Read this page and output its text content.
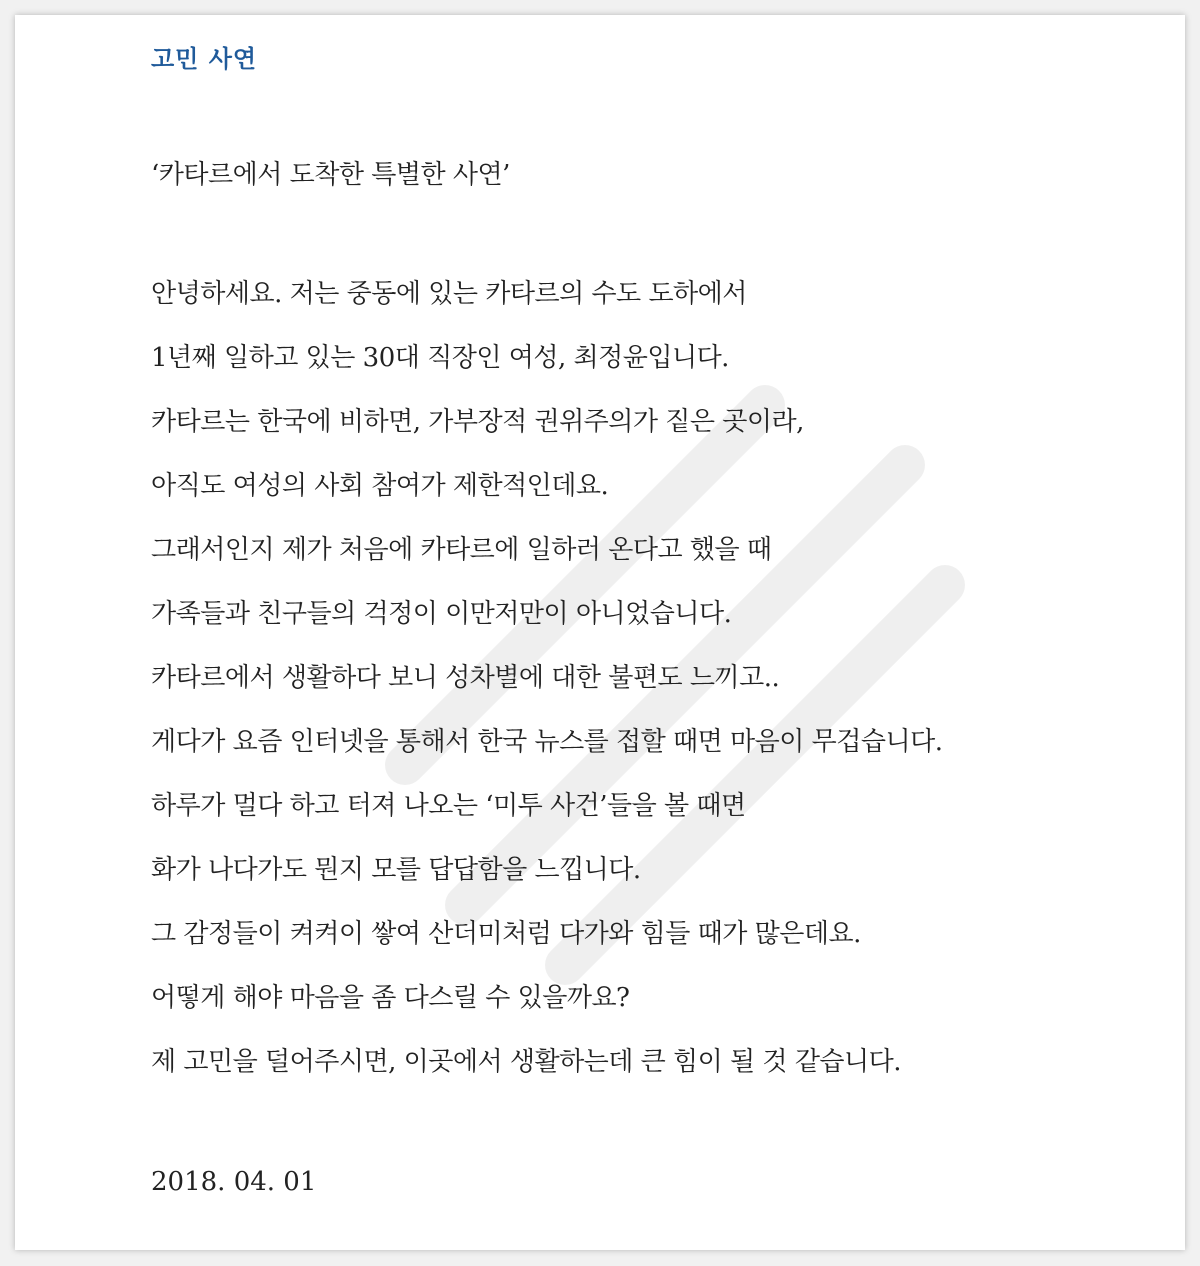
고민 사연
‘카타르에서 도착한 특별한 사연’
안녕하세요. 저는 중동에 있는 카타르의 수도 도하에서
1년째 일하고 있는 30대 직장인 여성, 최정윤입니다.
카타르는 한국에 비하면, 가부장적 권위주의가 짙은 곳이라,
아직도 여성의 사회 참여가 제한적인데요.
그래서인지 제가 처음에 카타르에 일하러 온다고 했을 때
가족들과 친구들의 걱정이 이만저만이 아니었습니다.
카타르에서 생활하다 보니 성차별에 대한 불편도 느끼고..
게다가 요즘 인터넷을 통해서 한국 뉴스를 접할 때면 마음이 무겁습니다.
하루가 멀다 하고 터져 나오는 ‘미투 사건’들을 볼 때면
화가 나다가도 뭔지 모를 답답함을 느낍니다.
그 감정들이 켜켜이 쌓여 산더미처럼 다가와 힘들 때가 많은데요.
어떻게 해야 마음을 좀 다스릴 수 있을까요?
제 고민을 덜어주시면, 이곳에서 생활하는데 큰 힘이 될 것 같습니다.
2018. 04. 01
